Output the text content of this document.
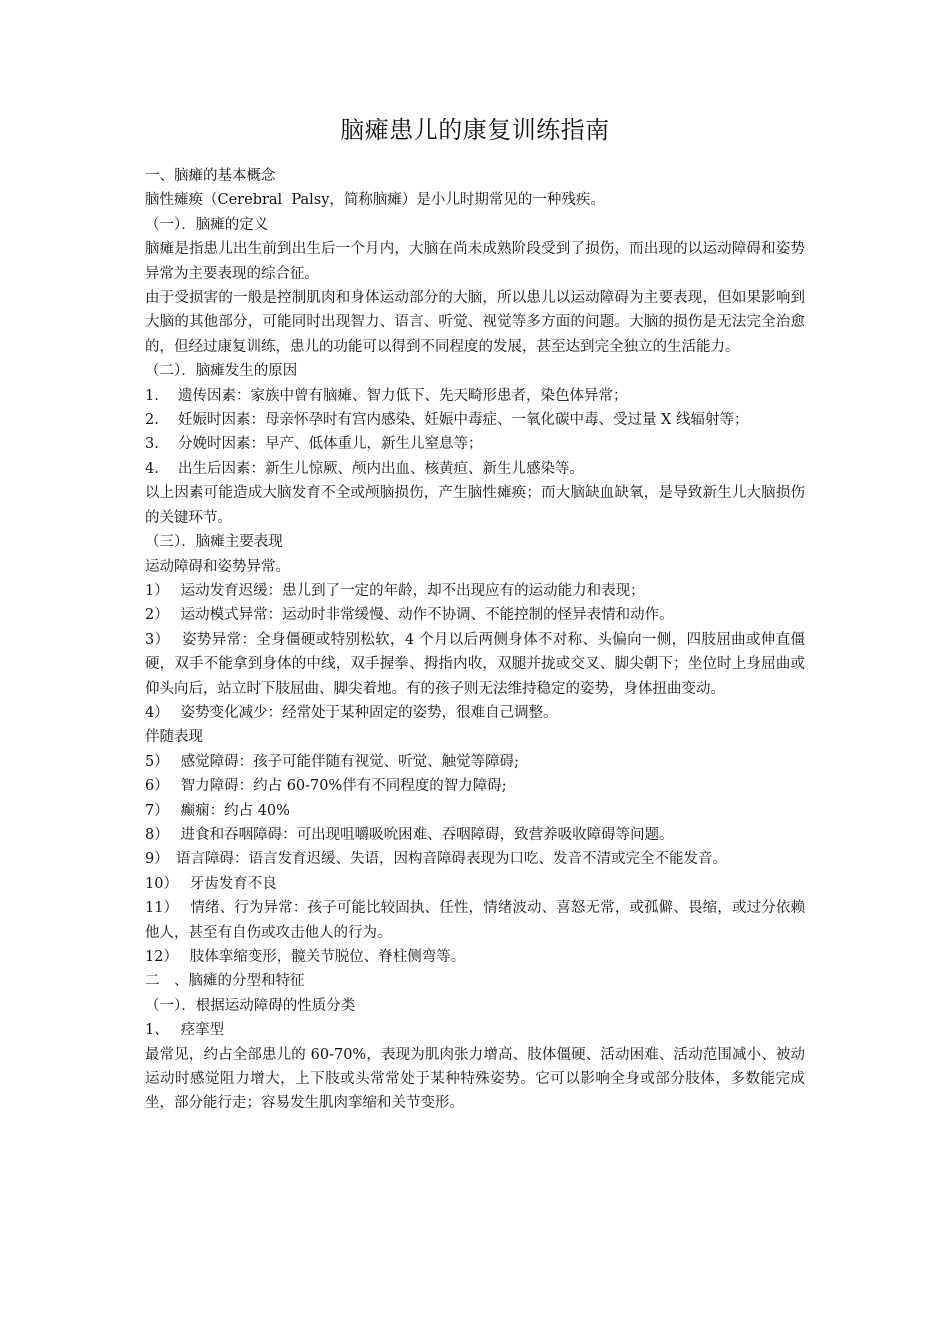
脑瘫患儿的康复训练指南

一、脑瘫的基本概念

脑性瘫痪（Cerebral  Palsy，简称脑瘫）是小儿时期常见的一种残疾。

（一）．脑瘫的定义

脑瘫是指患儿出生前到出生后一个月内，大脑在尚未成熟阶段受到了损伤，而出现的以运动障碍和姿势异常为主要表现的综合征。

由于受损害的一般是控制肌肉和身体运动部分的大脑，所以患儿以运动障碍为主要表现，但如果影响到大脑的其他部分，可能同时出现智力、语言、听觉、视觉等多方面的问题。大脑的损伤是无法完全治愈的，但经过康复训练，患儿的功能可以得到不同程度的发展，甚至达到完全独立的生活能力。

（二）．脑瘫发生的原因

1.　 遗传因素：家族中曾有脑瘫、智力低下、先天畸形患者，染色体异常；

2.　 妊娠时因素：母亲怀孕时有宫内感染、妊娠中毒症、一氧化碳中毒、受过量 X 线辐射等；

3.　 分娩时因素：早产、低体重儿，新生儿窒息等；

4.　 出生后因素：新生儿惊厥、颅内出血、核黄疸、新生儿感染等。

以上因素可能造成大脑发育不全或颅脑损伤，产生脑性瘫痪；而大脑缺血缺氧，是导致新生儿大脑损伤的关键环节。

（三）．脑瘫主要表现

运动障碍和姿势异常。

1）　 运动发育迟缓：患儿到了一定的年龄，却不出现应有的运动能力和表现；

2）　 运动模式异常：运动时非常缓慢、动作不协调、不能控制的怪异表情和动作。

3）　 姿势异常：全身僵硬或特别松软，4 个月以后两侧身体不对称、头偏向一侧，四肢屈曲或伸直僵硬，双手不能拿到身体的中线，双手握拳、拇指内收，双腿并拢或交叉、脚尖朝下；坐位时上身屈曲或仰头向后，站立时下肢屈曲、脚尖着地。有的孩子则无法维持稳定的姿势，身体扭曲变动。

4）　 姿势变化减少：经常处于某种固定的姿势，很难自己调整。

伴随表现

5）　 感觉障碍：孩子可能伴随有视觉、听觉、触觉等障碍;

6）　 智力障碍：约占 60-70%伴有不同程度的智力障碍;

7）　 癫痫：约占 40%

8）　 进食和吞咽障碍：可出现咀嚼吸吮困难、吞咽障碍，致营养吸收障碍等问题。

9）　语言障碍：语言发育迟缓、失语，因构音障碍表现为口吃、发音不清或完全不能发音。

10）　 牙齿发育不良

11）　 情绪、行为异常：孩子可能比较固执、任性，情绪波动、喜怒无常，或孤僻、畏缩，或过分依赖他人，甚至有自伤或攻击他人的行为。

12）　 肢体挛缩变形，髋关节脱位、脊柱侧弯等。

二　、脑瘫的分型和特征

（一）．根据运动障碍的性质分类

1、　 痉挛型

最常见，约占全部患儿的 60-70%，表现为肌肉张力增高、肢体僵硬、活动困难、活动范围减小、被动运动时感觉阻力增大，上下肢或头常常处于某种特殊姿势。它可以影响全身或部分肢体，多数能完成坐，部分能行走；容易发生肌肉挛缩和关节变形。
